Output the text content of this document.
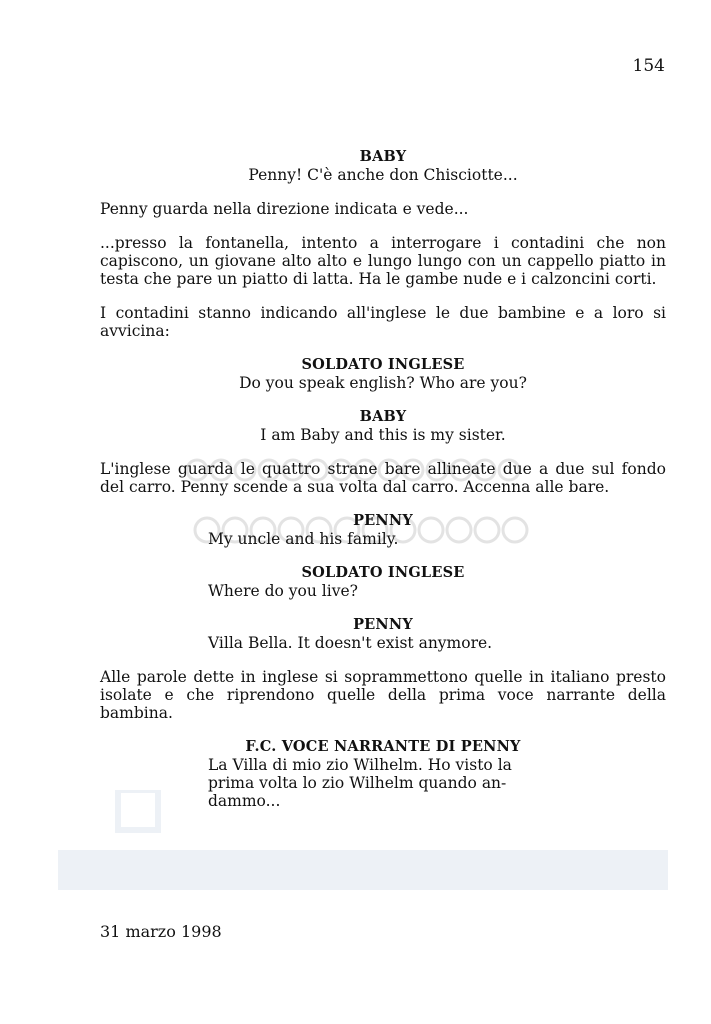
154
BABY
Penny! C'è anche don Chisciotte...
Penny guarda nella direzione indicata e vede...
...presso la fontanella, intento a interrogare i contadini che non capiscono, un giovane alto alto e lungo lungo con un cappello piatto in testa che pare un piatto di latta. Ha le gambe nude e i calzoncini corti.
I contadini stanno indicando all'inglese le due bambine e a loro si avvicina:
SOLDATO INGLESE
Do you speak english? Who are you?
BABY
I am Baby and this is my sister.
L'inglese guarda le quattro strane bare allineate due a due sul fondo del carro. Penny scende a sua volta dal carro. Accenna alle bare.
PENNY
My uncle and his family.
SOLDATO INGLESE
Where do you live?
PENNY
Villa Bella. It doesn't exist anymore.
Alle parole dette in inglese si soprammettono quelle in italiano presto isolate e che riprendono quelle della prima voce narrante della bambina.
F.C. VOCE NARRANTE DI PENNY
La Villa di mio zio Wilhelm. Ho visto la
prima volta lo zio Wilhelm quando an-
dammo...
31 marzo 1998
